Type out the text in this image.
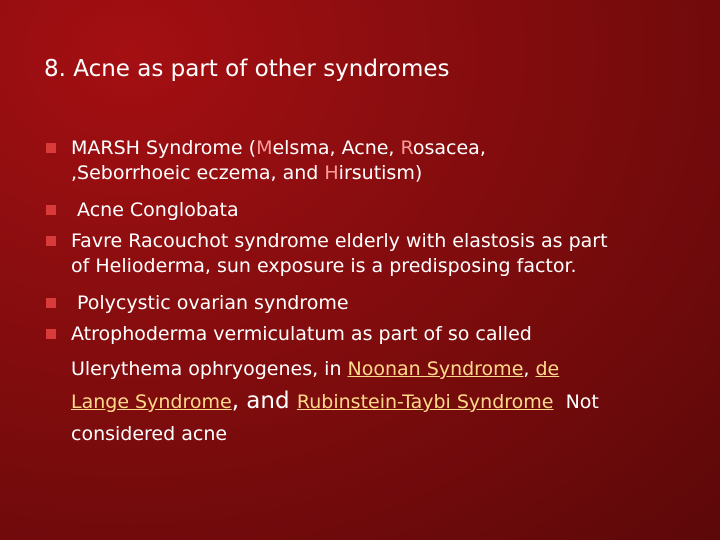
8. Acne as part of other syndromes
MARSH Syndrome (Melsma, Acne, Rosacea,
,Seborrhoeic eczema, and Hirsutism)
Acne Conglobata
Favre Racouchot syndrome elderly with elastosis as part
of Helioderma, sun exposure is a predisposing factor.
Polycystic ovarian syndrome
Atrophoderma vermiculatum as part of so called
Ulerythema ophryogenes, in Noonan Syndrome, de
Lange Syndrome, and Rubinstein-Taybi Syndrome  Not
considered acne
